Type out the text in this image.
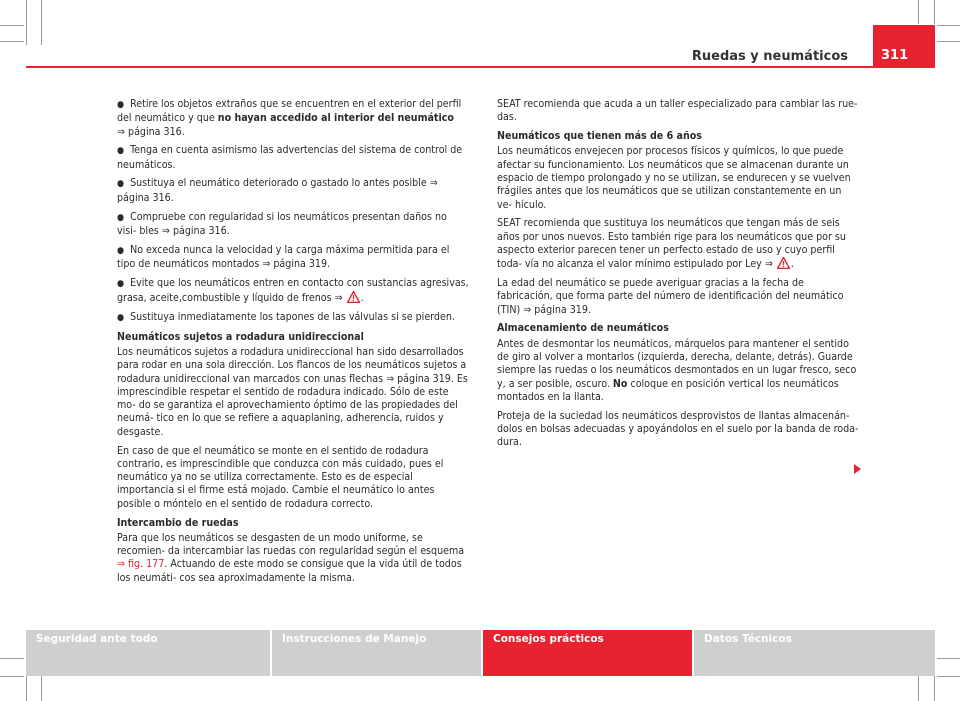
Ruedas y neumáticos	311

● Retire los objetos extraños que se encuentren en el exterior del perfil del neumático y que no hayan accedido al interior del neumático
⇒ página 316.

● Tenga en cuenta asimismo las advertencias del sistema de control de neumáticos.

● Sustituya el neumático deteriorado o gastado lo antes posible ⇒ página 316.

● Compruebe con regularidad si los neumáticos presentan daños no visi- bles ⇒ página 316.

● No exceda nunca la velocidad y la carga máxima permitida para el tipo de neumáticos montados ⇒ página 319.

● Evite que los neumáticos entren en contacto con sustancias agresivas, grasa, aceite,combustible y líquido de frenos ⇒ .

● Sustituya inmediatamente los tapones de las válvulas si se pierden.

Neumáticos sujetos a rodadura unidireccional

Los neumáticos sujetos a rodadura unidireccional han sido desarrollados para rodar en una sola dirección. Los flancos de los neumáticos sujetos a rodadura unidireccional van marcados con unas flechas ⇒ página 319. Es imprescindible respetar el sentido de rodadura indicado. Sólo de este mo- do se garantiza el aprovechamiento óptimo de las propiedades del neumá- tico en lo que se refiere a aquaplaning, adherencia, ruidos y desgaste.

En caso de que el neumático se monte en el sentido de rodadura contrario, es imprescindible que conduzca con más cuidado, pues el neumático ya no se utiliza correctamente. Esto es de especial importancia si el firme está mojado. Cambie el neumático lo antes posible o móntelo en el sentido de rodadura correcto.

Intercambio de ruedas

Para que los neumáticos se desgasten de un modo uniforme, se recomien- da intercambiar las ruedas con regularidad según el esquema ⇒ fig. 177. Actuando de este modo se consigue que la vida útil de todos los neumáti- cos sea aproximadamente la misma.

SEAT recomienda que acuda a un taller especializado para cambiar las rue- das.

Neumáticos que tienen más de 6 años

Los neumáticos envejecen por procesos físicos y químicos, lo que puede afectar su funcionamiento. Los neumáticos que se almacenan durante un espacio de tiempo prolongado y no se utilizan, se endurecen y se vuelven frágiles antes que los neumáticos que se utilizan constantemente en un ve- hículo.

SEAT recomienda que sustituya los neumáticos que tengan más de seis años por unos nuevos. Esto también rige para los neumáticos que por su aspecto exterior parecen tener un perfecto estado de uso y cuyo perfil toda- vía no alcanza el valor mínimo estipulado por Ley ⇒ .

La edad del neumático se puede averiguar gracias a la fecha de fabricación, que forma parte del número de identificación del neumático (TIN) ⇒ página 319.

Almacenamiento de neumáticos

Antes de desmontar los neumáticos, márquelos para mantener el sentido de giro al volver a montarlos (izquierda, derecha, delante, detrás). Guarde siempre las ruedas o los neumáticos desmontados en un lugar fresco, seco y, a ser posible, oscuro. No coloque en posición vertical los neumáticos montados en la llanta.

Proteja de la suciedad los neumáticos desprovistos de llantas almacenán- dolos en bolsas adecuadas y apoyándolos en el suelo por la banda de roda- dura.

Seguridad ante todo	Instrucciones de Manejo	Consejos prácticos	Datos Técnicos
